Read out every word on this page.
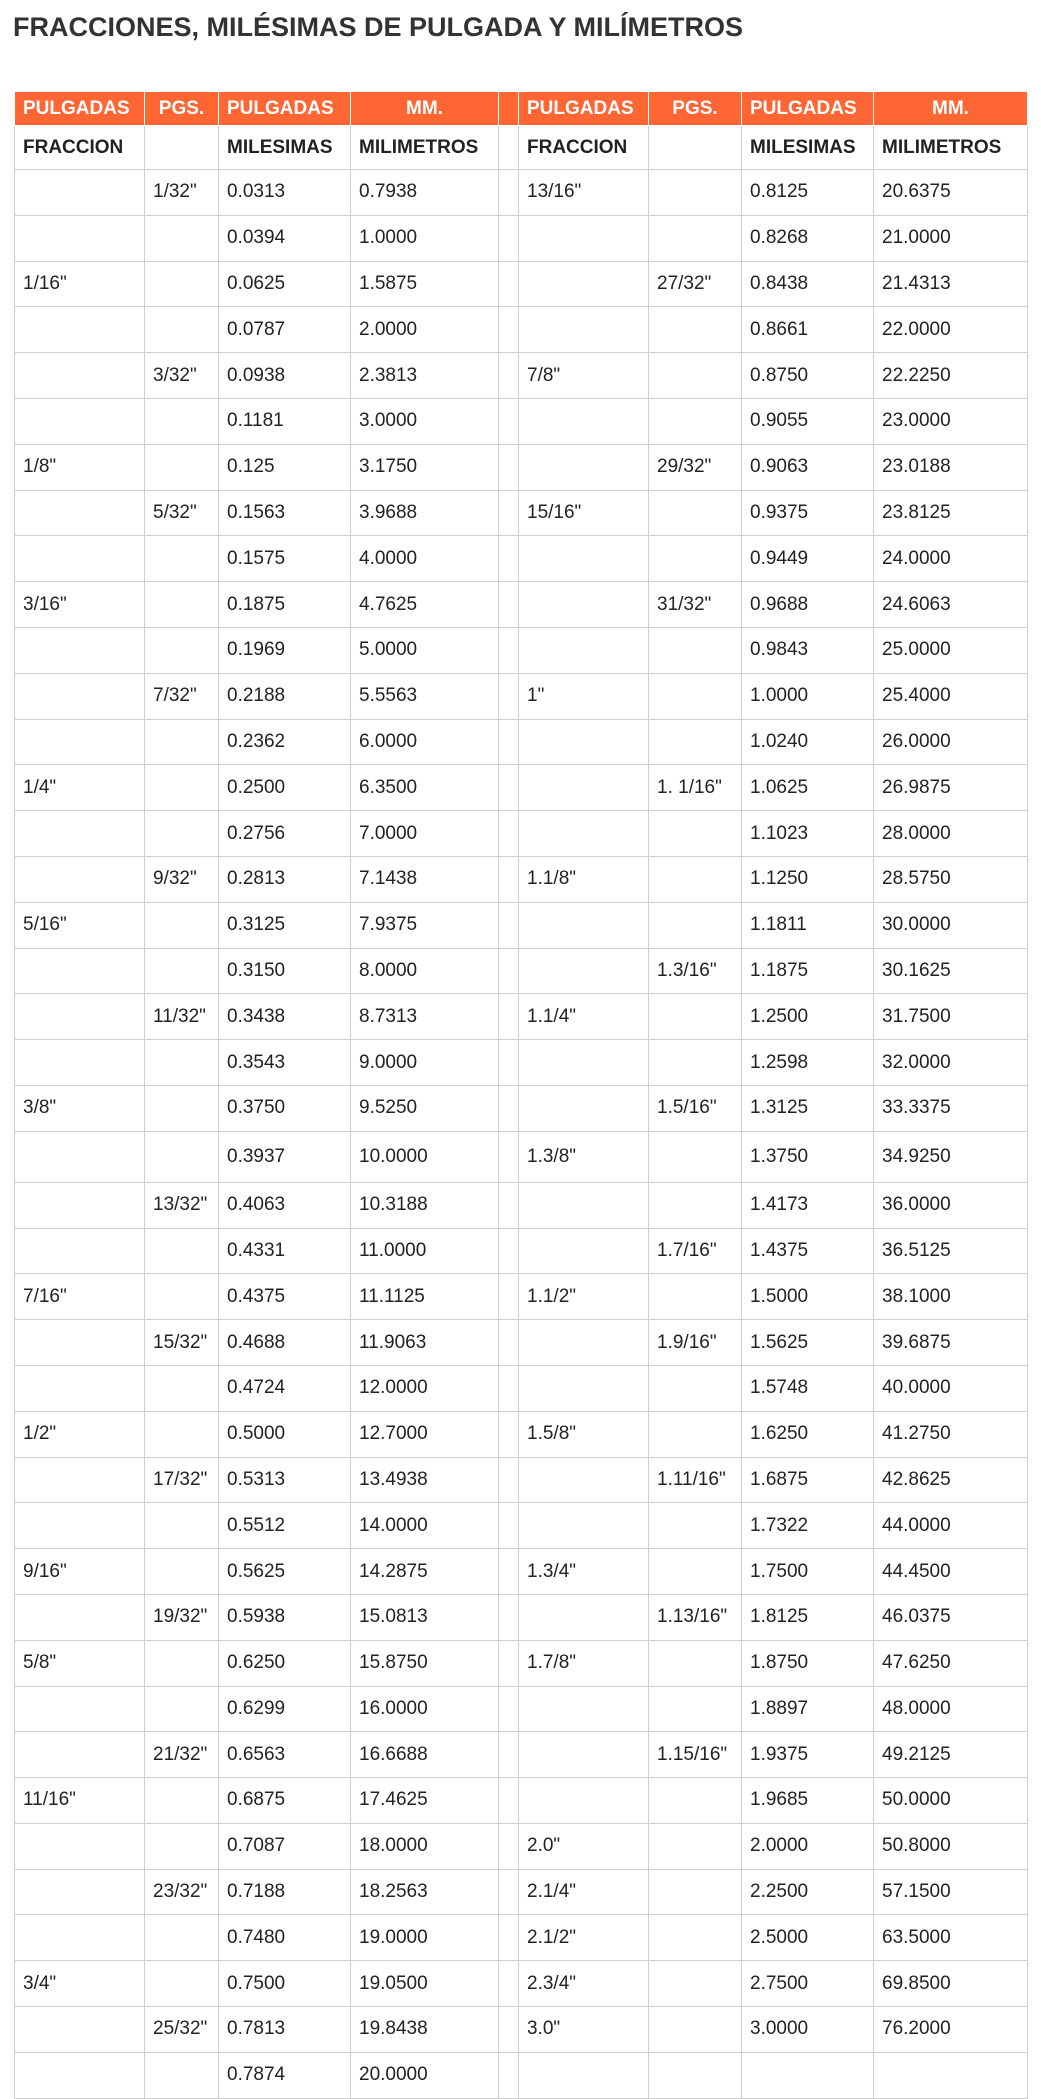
FRACCIONES, MILÉSIMAS DE PULGADA Y MILÍMETROS
PULGADAS	PGS.	PULGADAS	MM.		PULGADAS	PGS.	PULGADAS	MM.
FRACCION		MILESIMAS	MILIMETROS		FRACCION		MILESIMAS	MILIMETROS
	1/32"	0.0313	0.7938		13/16"		0.8125	20.6375
		0.0394	1.0000				0.8268	21.0000
1/16"		0.0625	1.5875			27/32"	0.8438	21.4313
		0.0787	2.0000				0.8661	22.0000
	3/32"	0.0938	2.3813		7/8"		0.8750	22.2250
		0.1181	3.0000				0.9055	23.0000
1/8"		0.125	3.1750			29/32"	0.9063	23.0188
	5/32"	0.1563	3.9688		15/16"		0.9375	23.8125
		0.1575	4.0000				0.9449	24.0000
3/16"		0.1875	4.7625			31/32"	0.9688	24.6063
		0.1969	5.0000				0.9843	25.0000
	7/32"	0.2188	5.5563		1"		1.0000	25.4000
		0.2362	6.0000				1.0240	26.0000
1/4"		0.2500	6.3500			1. 1/16"	1.0625	26.9875
		0.2756	7.0000				1.1023	28.0000
	9/32"	0.2813	7.1438		1.1/8"		1.1250	28.5750
5/16"		0.3125	7.9375				1.1811	30.0000
		0.3150	8.0000			1.3/16"	1.1875	30.1625
	11/32"	0.3438	8.7313		1.1/4"		1.2500	31.7500
		0.3543	9.0000				1.2598	32.0000
3/8"		0.3750	9.5250			1.5/16"	1.3125	33.3375
		0.3937	10.0000		1.3/8"		1.3750	34.9250
	13/32"	0.4063	10.3188				1.4173	36.0000
		0.4331	11.0000			1.7/16"	1.4375	36.5125
7/16"		0.4375	11.1125		1.1/2"		1.5000	38.1000
	15/32"	0.4688	11.9063			1.9/16"	1.5625	39.6875
		0.4724	12.0000				1.5748	40.0000
1/2"		0.5000	12.7000		1.5/8"		1.6250	41.2750
	17/32"	0.5313	13.4938			1.11/16"	1.6875	42.8625
		0.5512	14.0000				1.7322	44.0000
9/16"		0.5625	14.2875		1.3/4"		1.7500	44.4500
	19/32"	0.5938	15.0813			1.13/16"	1.8125	46.0375
5/8"		0.6250	15.8750		1.7/8"		1.8750	47.6250
		0.6299	16.0000				1.8897	48.0000
	21/32"	0.6563	16.6688			1.15/16"	1.9375	49.2125
11/16"		0.6875	17.4625				1.9685	50.0000
		0.7087	18.0000		2.0"		2.0000	50.8000
	23/32"	0.7188	18.2563		2.1/4"		2.2500	57.1500
		0.7480	19.0000		2.1/2"		2.5000	63.5000
3/4"		0.7500	19.0500		2.3/4"		2.7500	69.8500
	25/32"	0.7813	19.8438		3.0"		3.0000	76.2000
		0.7874	20.0000					
